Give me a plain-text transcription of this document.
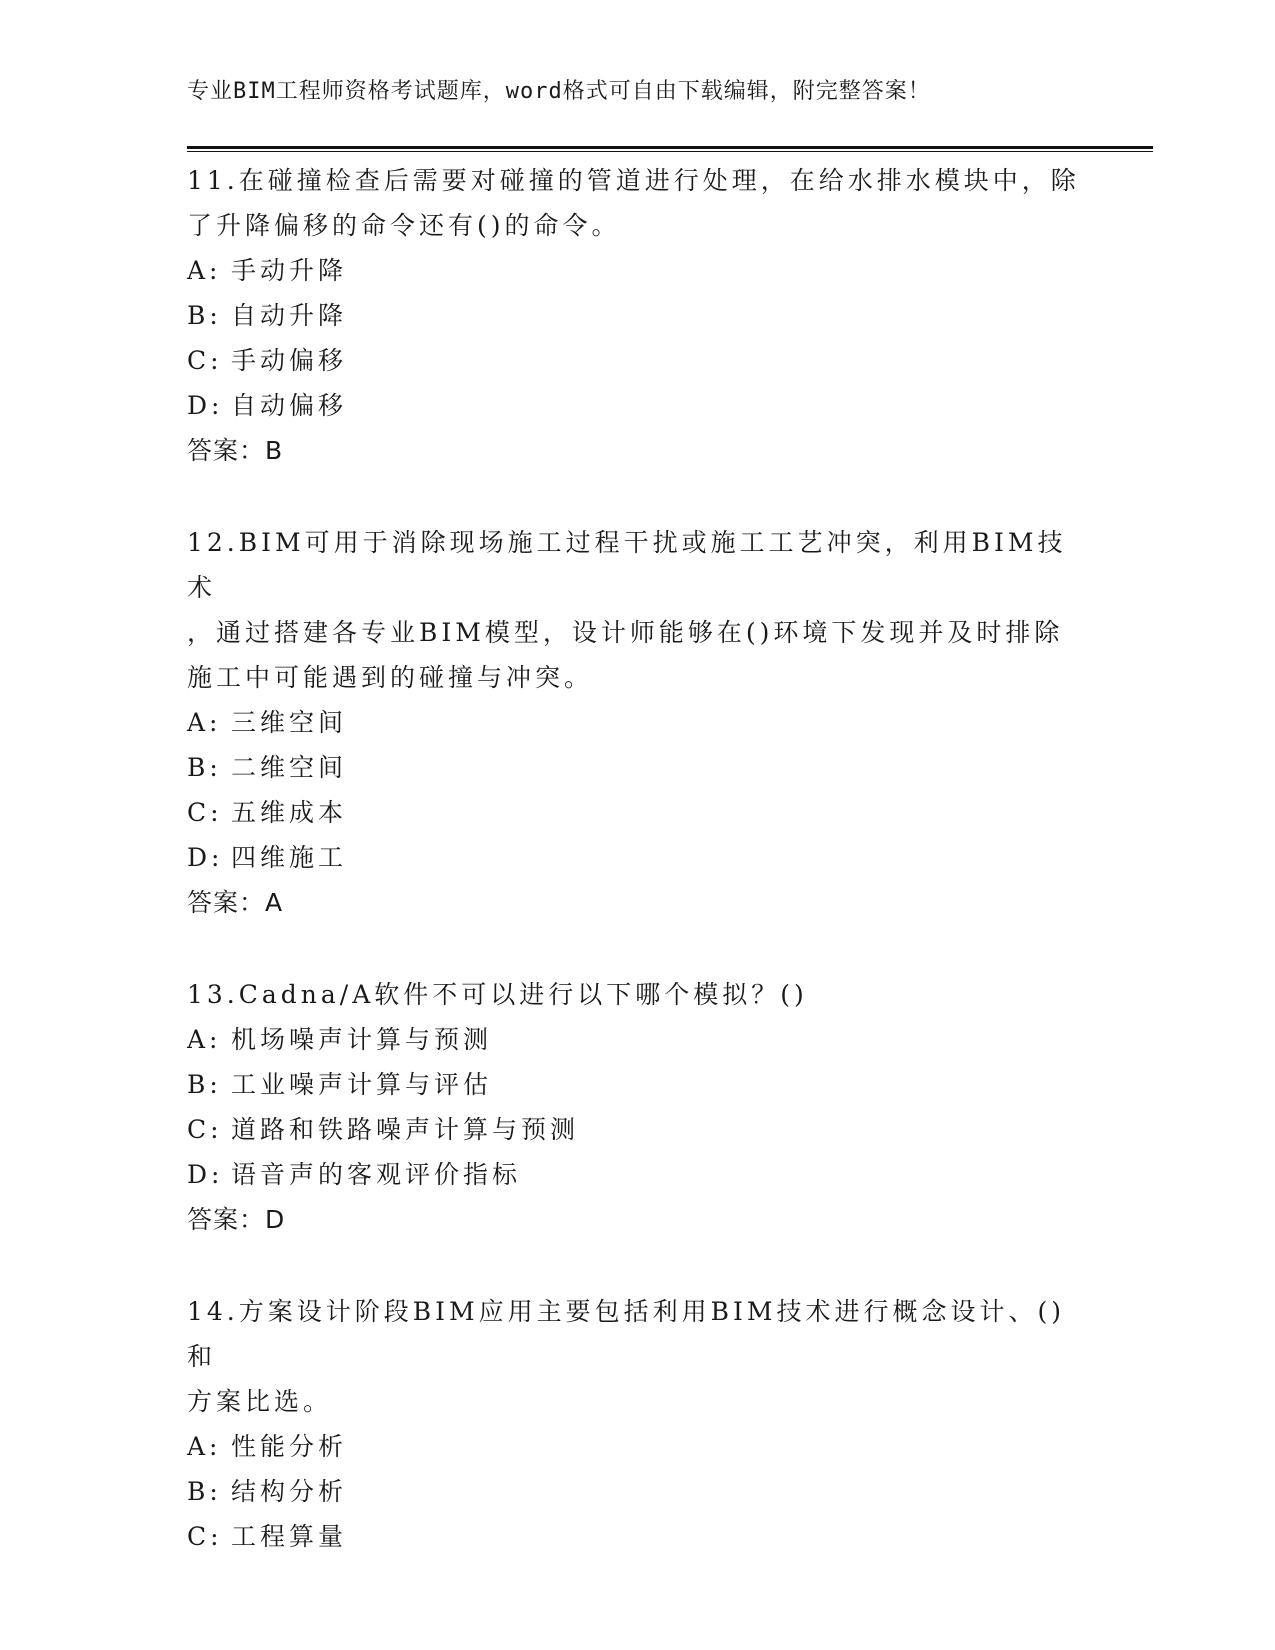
专业BIM工程师资格考试题库，word格式可自由下载编辑，附完整答案！
11.在碰撞检查后需要对碰撞的管道进行处理，在给水排水模块中，除
了升降偏移的命令还有()的命令。
A: 手动升降
B: 自动升降
C: 手动偏移
D: 自动偏移
答案：B
12.BIM可用于消除现场施工过程干扰或施工工艺冲突，利用BIM技术
，通过搭建各专业BIM模型，设计师能够在()环境下发现并及时排除
施工中可能遇到的碰撞与冲突。
A: 三维空间
B: 二维空间
C: 五维成本
D: 四维施工
答案：A
13.Cadna/A软件不可以进行以下哪个模拟？()
A: 机场噪声计算与预测
B: 工业噪声计算与评估
C: 道路和铁路噪声计算与预测
D: 语音声的客观评价指标
答案：D
14.方案设计阶段BIM应用主要包括利用BIM技术进行概念设计、()和
方案比选。
A: 性能分析
B: 结构分析
C: 工程算量
